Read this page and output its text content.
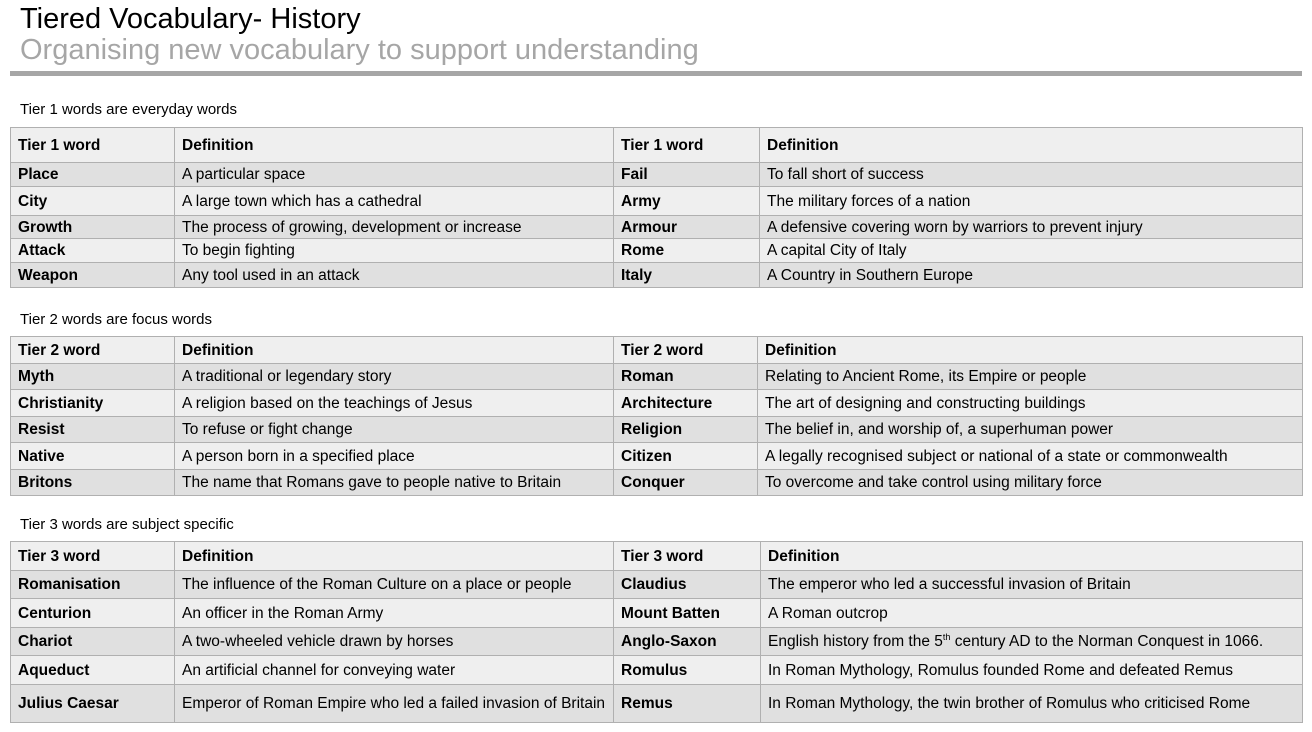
Tiered Vocabulary- History
Organising new vocabulary to support understanding
Tier 1 words are everyday words
Tier 1 word	Definition	Tier 1 word	Definition
Place	A particular space	Fail	To fall short of success
City	A large town which has a cathedral	Army	The military forces of a nation
Growth	The process of growing, development or increase	Armour	A defensive covering worn by warriors to prevent injury
Attack	To begin fighting	Rome	A capital City of Italy
Weapon	Any tool used in an attack	Italy	A Country in Southern Europe
Tier 2 words are focus words
Tier 2 word	Definition	Tier 2 word	Definition
Myth	A traditional or legendary story	Roman	Relating to Ancient Rome, its Empire or people
Christianity	A religion based on the teachings of Jesus	Architecture	The art of designing and constructing buildings
Resist	To refuse or fight change	Religion	The belief in, and worship of, a superhuman power
Native	A person born in a specified place	Citizen	A legally recognised subject or national of a state or commonwealth
Britons	The name that Romans gave to people native to Britain	Conquer	To overcome and take control using military force
Tier 3 words are subject specific
Tier 3 word	Definition	Tier 3 word	Definition
Romanisation	The influence of the Roman Culture on a place or people	Claudius	The emperor who led a successful invasion of Britain
Centurion	An officer in the Roman Army	Mount Batten	A Roman outcrop
Chariot	A two-wheeled vehicle drawn by horses	Anglo-Saxon	English history from the 5th century AD to the Norman Conquest in 1066.
Aqueduct	An artificial channel for conveying water	Romulus	In Roman Mythology, Romulus founded Rome and defeated Remus
Julius Caesar	Emperor of Roman Empire who led a failed invasion of Britain	Remus	In Roman Mythology, the twin brother of Romulus who criticised Rome
